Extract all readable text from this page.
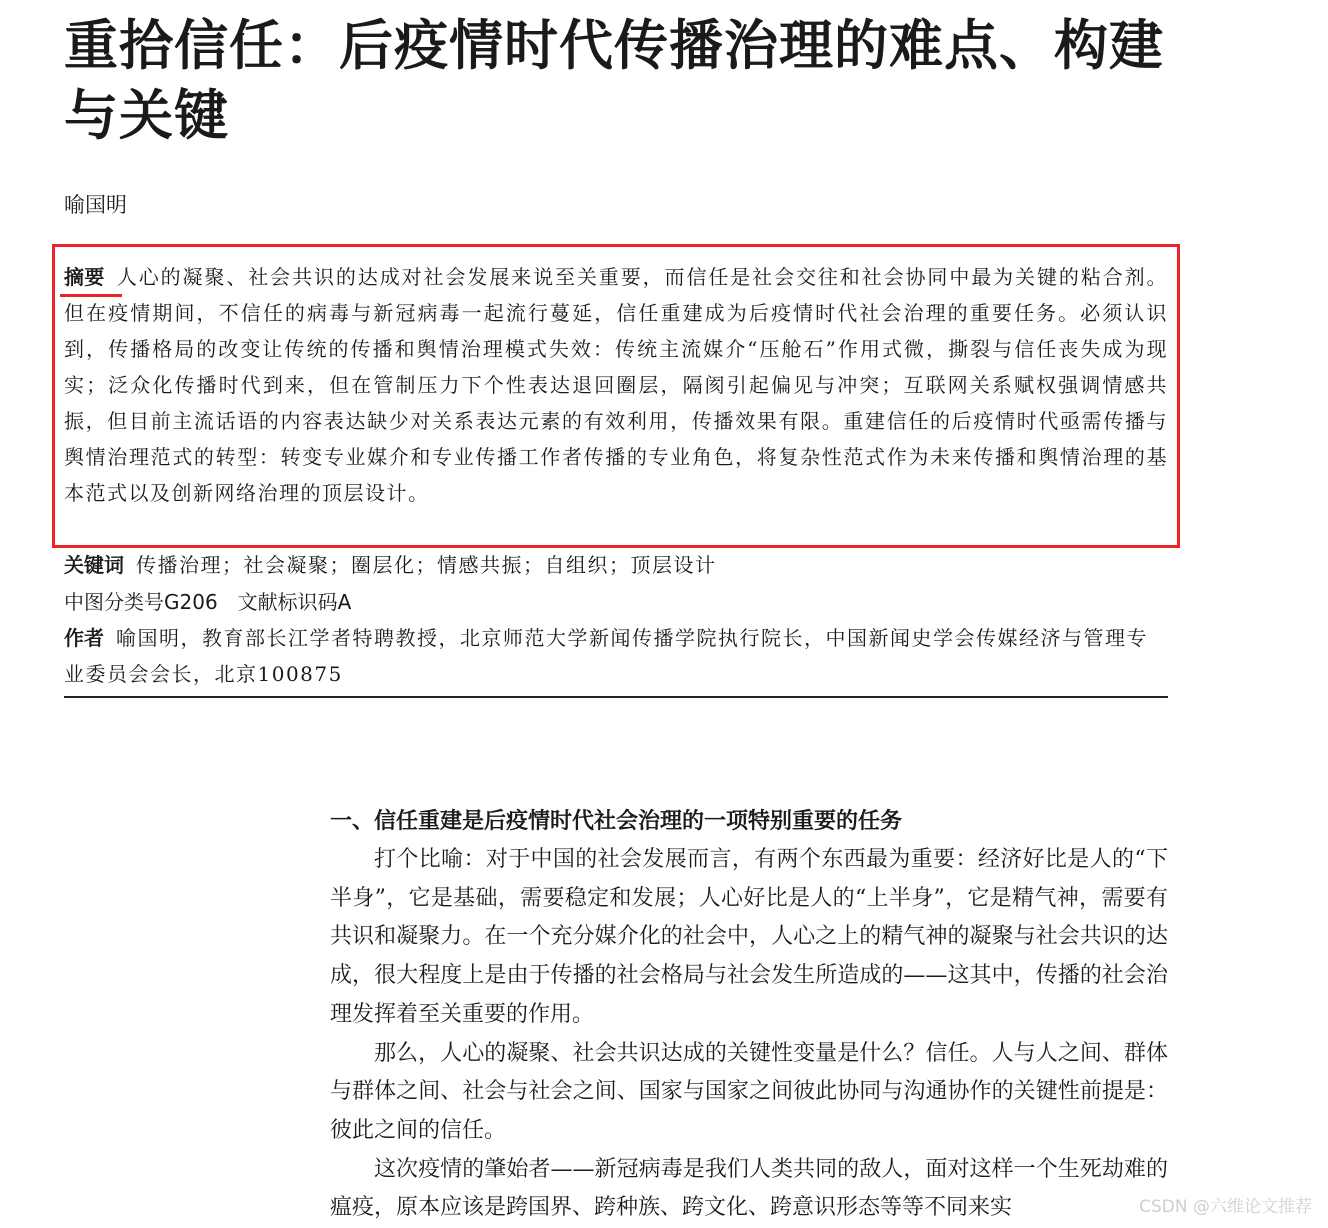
重拾信任：后疫情时代传播治理的难点、构建与关键
喻国明

摘要 人心的凝聚、社会共识的达成对社会发展来说至关重要，而信任是社会交往和社会协同中最为关键的粘合剂。但在疫情期间，不信任的病毒与新冠病毒一起流行蔓延，信任重建成为后疫情时代社会治理的重要任务。必须认识到，传播格局的改变让传统的传播和舆情治理模式失效：传统主流媒介“压舱石”作用式微，撕裂与信任丧失成为现实；泛众化传播时代到来，但在管制压力下个性表达退回圈层，隔阂引起偏见与冲突；互联网关系赋权强调情感共振，但目前主流话语的内容表达缺少对关系表达元素的有效利用，传播效果有限。重建信任的后疫情时代亟需传播与舆情治理范式的转型：转变专业媒介和专业传播工作者传播的专业角色，将复杂性范式作为未来传播和舆情治理的基本范式以及创新网络治理的顶层设计。

关键词 传播治理；社会凝聚；圈层化；情感共振；自组织；顶层设计

中图分类号G206 文献标识码A

作者 喻国明，教育部长江学者特聘教授，北京师范大学新闻传播学院执行院长，中国新闻史学会传媒经济与管理专业委员会会长，北京100875

一、信任重建是后疫情时代社会治理的一项特别重要的任务

打个比喻：对于中国的社会发展而言，有两个东西最为重要：经济好比是人的“下半身”，它是基础，需要稳定和发展；人心好比是人的“上半身”，它是精气神，需要有共识和凝聚力。在一个充分媒介化的社会中，人心之上的精气神的凝聚与社会共识的达成，很大程度上是由于传播的社会格局与社会发生所造成的——这其中，传播的社会治理发挥着至关重要的作用。

那么，人心的凝聚、社会共识达成的关键性变量是什么？信任。人与人之间、群体与群体之间、社会与社会之间、国家与国家之间彼此协同与沟通协作的关键性前提是：彼此之间的信任。

这次疫情的肇始者——新冠病毒是我们人类共同的敌人，面对这样一个生死劫难的瘟疫，原本应该是跨国界、跨种族、跨文化、跨意识形态等等不同来实	CSDN @六维论文推荐
